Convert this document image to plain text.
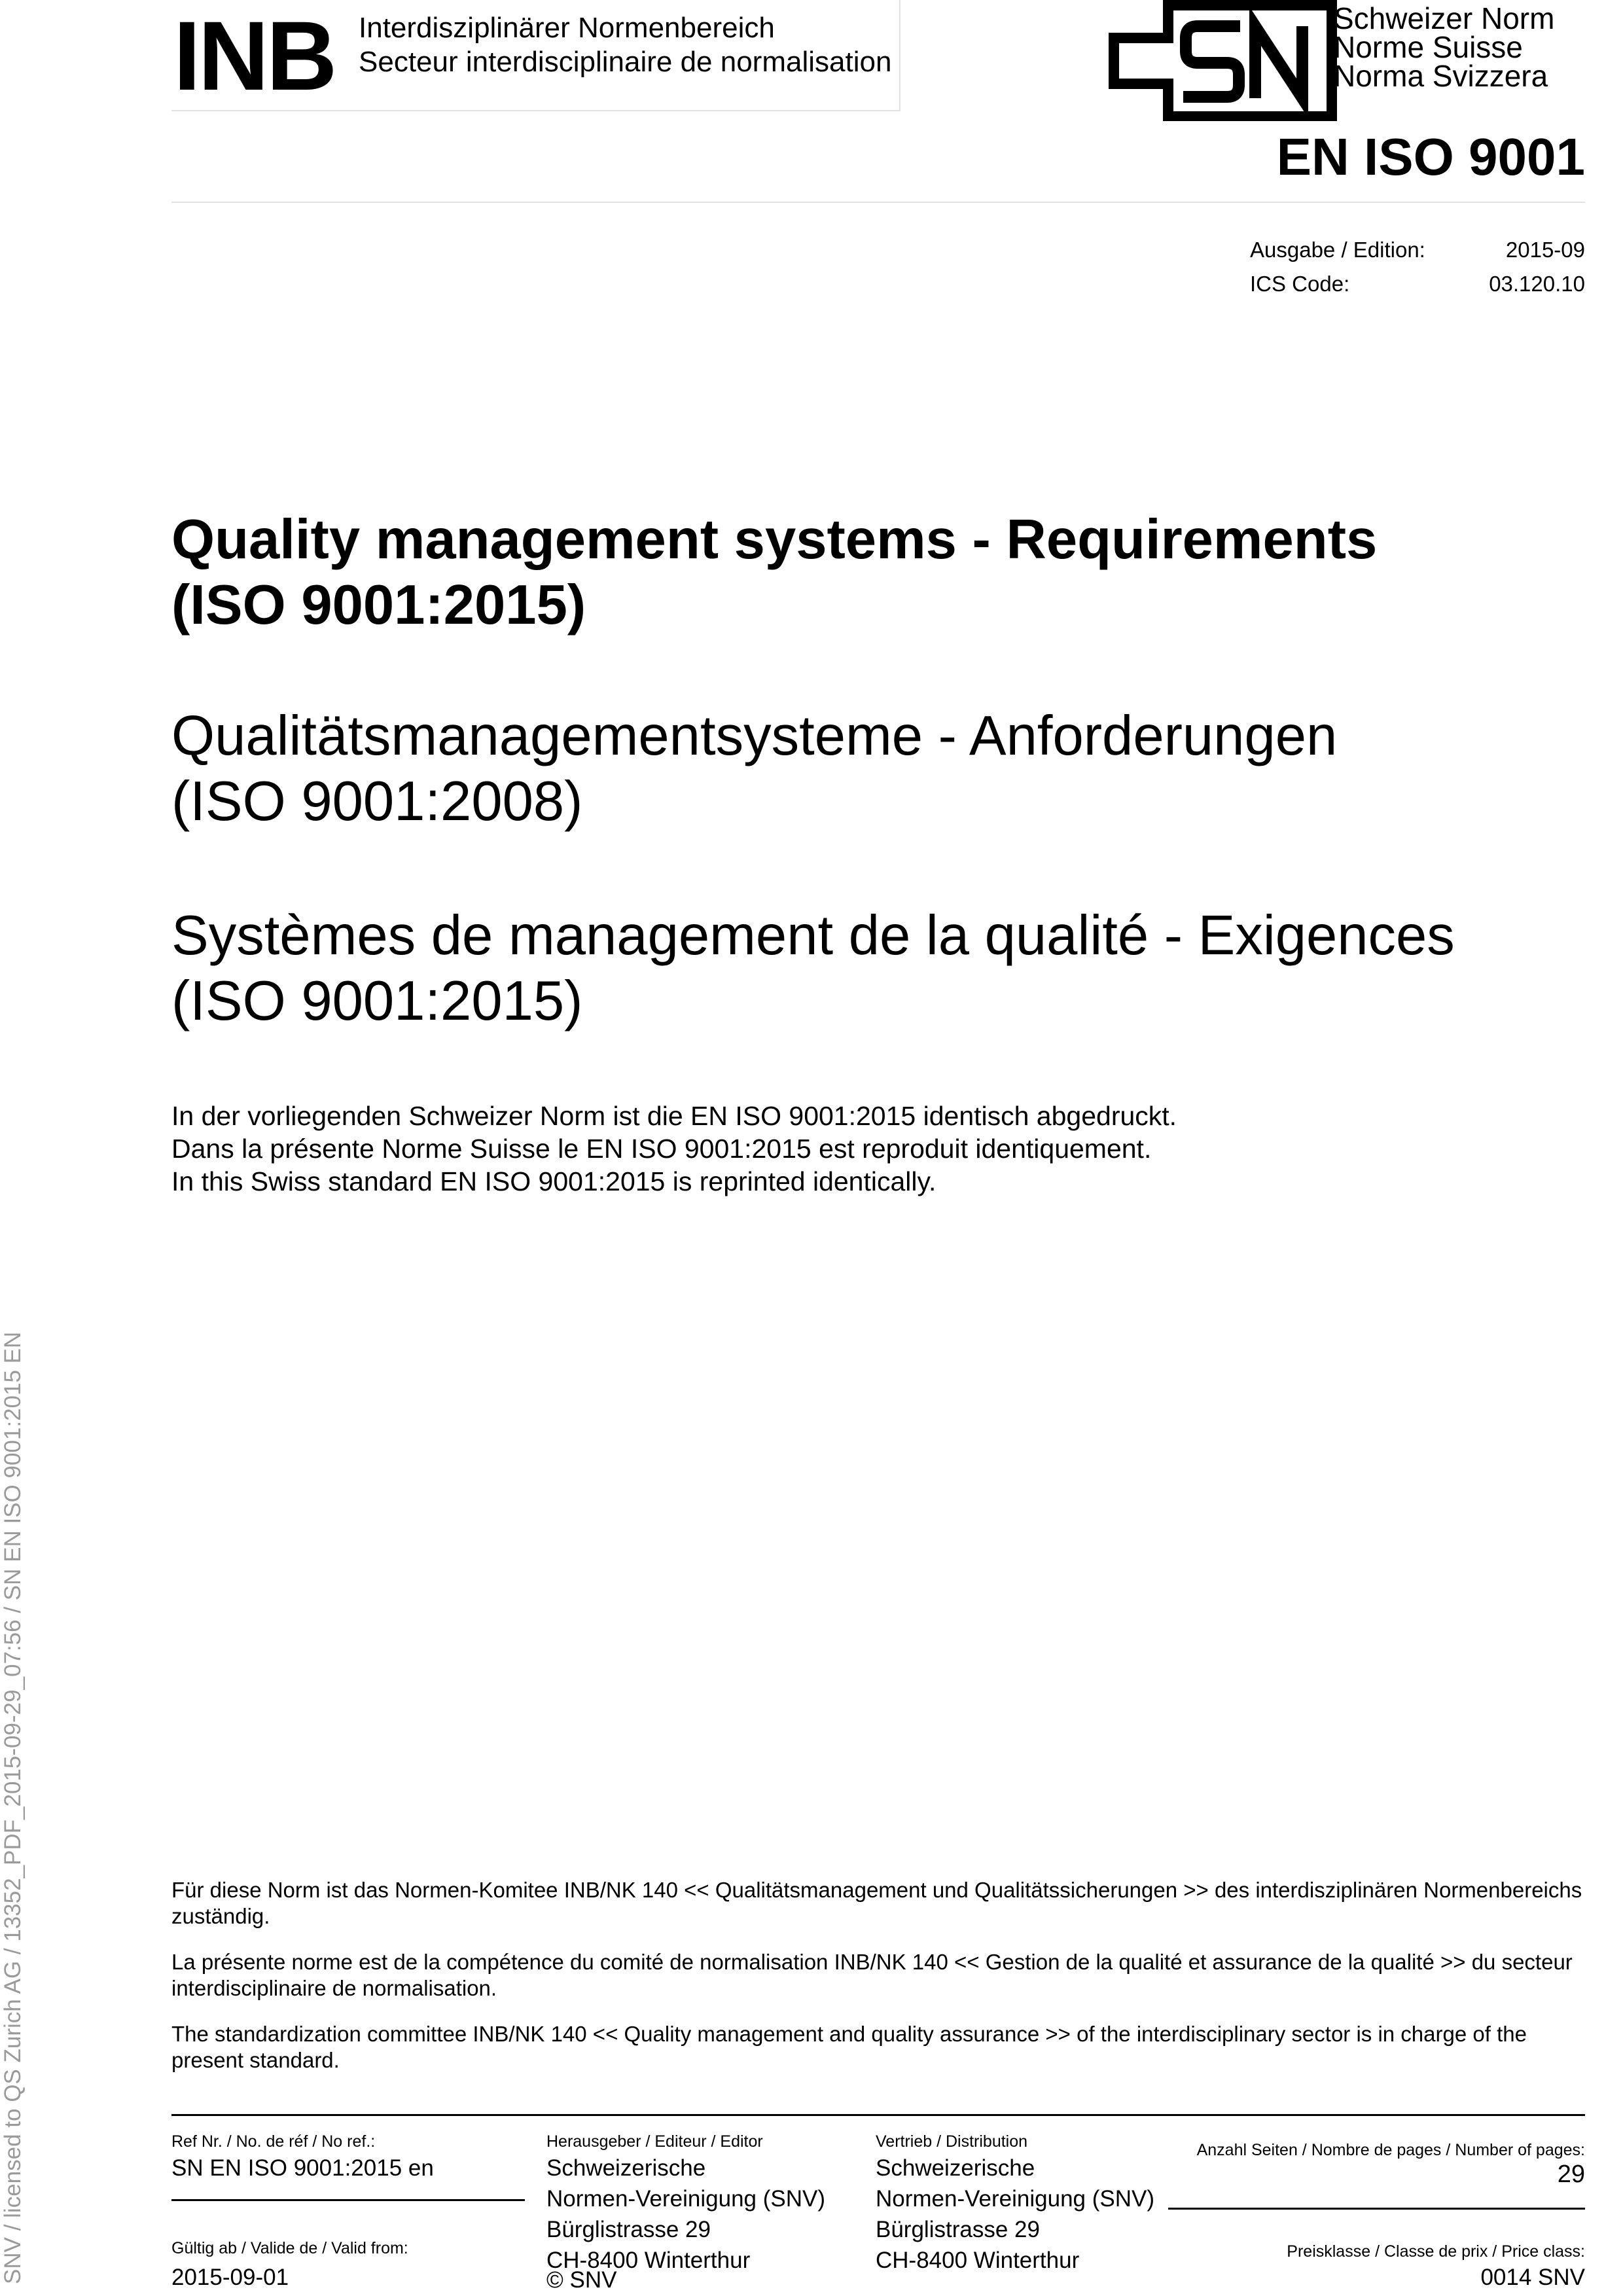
INB Interdisziplinärer Normenbereich
Secteur interdisciplinaire de normalisation
Schweizer Norm
Norme Suisse
Norma Svizzera
EN ISO 9001
Ausgabe / Edition:	2015-09
ICS Code:	03.120.10
Quality management systems - Requirements
(ISO 9001:2015)
Qualitätsmanagementsysteme - Anforderungen
(ISO 9001:2008)
Systèmes de management de la qualité - Exigences
(ISO 9001:2015)
In der vorliegenden Schweizer Norm ist die EN ISO 9001:2015 identisch abgedruckt.
Dans la présente Norme Suisse le EN ISO 9001:2015 est reproduit identiquement.
In this Swiss standard EN ISO 9001:2015 is reprinted identically.
Für diese Norm ist das Normen-Komitee INB/NK 140 << Qualitätsmanagement und Qualitätssicherungen >> des interdisziplinären Normenbereichs zuständig.
La présente norme est de la compétence du comité de normalisation INB/NK 140 << Gestion de la qualité et assurance de la qualité >> du secteur interdisciplinaire de normalisation.
The standardization committee INB/NK 140 << Quality management and quality assurance >> of the interdisciplinary sector is in charge of the present standard.
Ref Nr. / No. de réf / No ref.:
SN EN ISO 9001:2015 en
Gültig ab / Valide de / Valid from:
2015-09-01
Herausgeber / Editeur / Editor
Schweizerische
Normen-Vereinigung (SNV)
Bürglistrasse 29
CH-8400 Winterthur
© SNV
Vertrieb / Distribution
Schweizerische
Normen-Vereinigung (SNV)
Bürglistrasse 29
CH-8400 Winterthur
Anzahl Seiten / Nombre de pages / Number of pages:
29
Preisklasse / Classe de prix / Price class:
0014 SNV
SNV / licensed to QS Zurich AG / 13352_PDF_2015-09-29_07:56 / SN EN ISO 9001:2015 EN
